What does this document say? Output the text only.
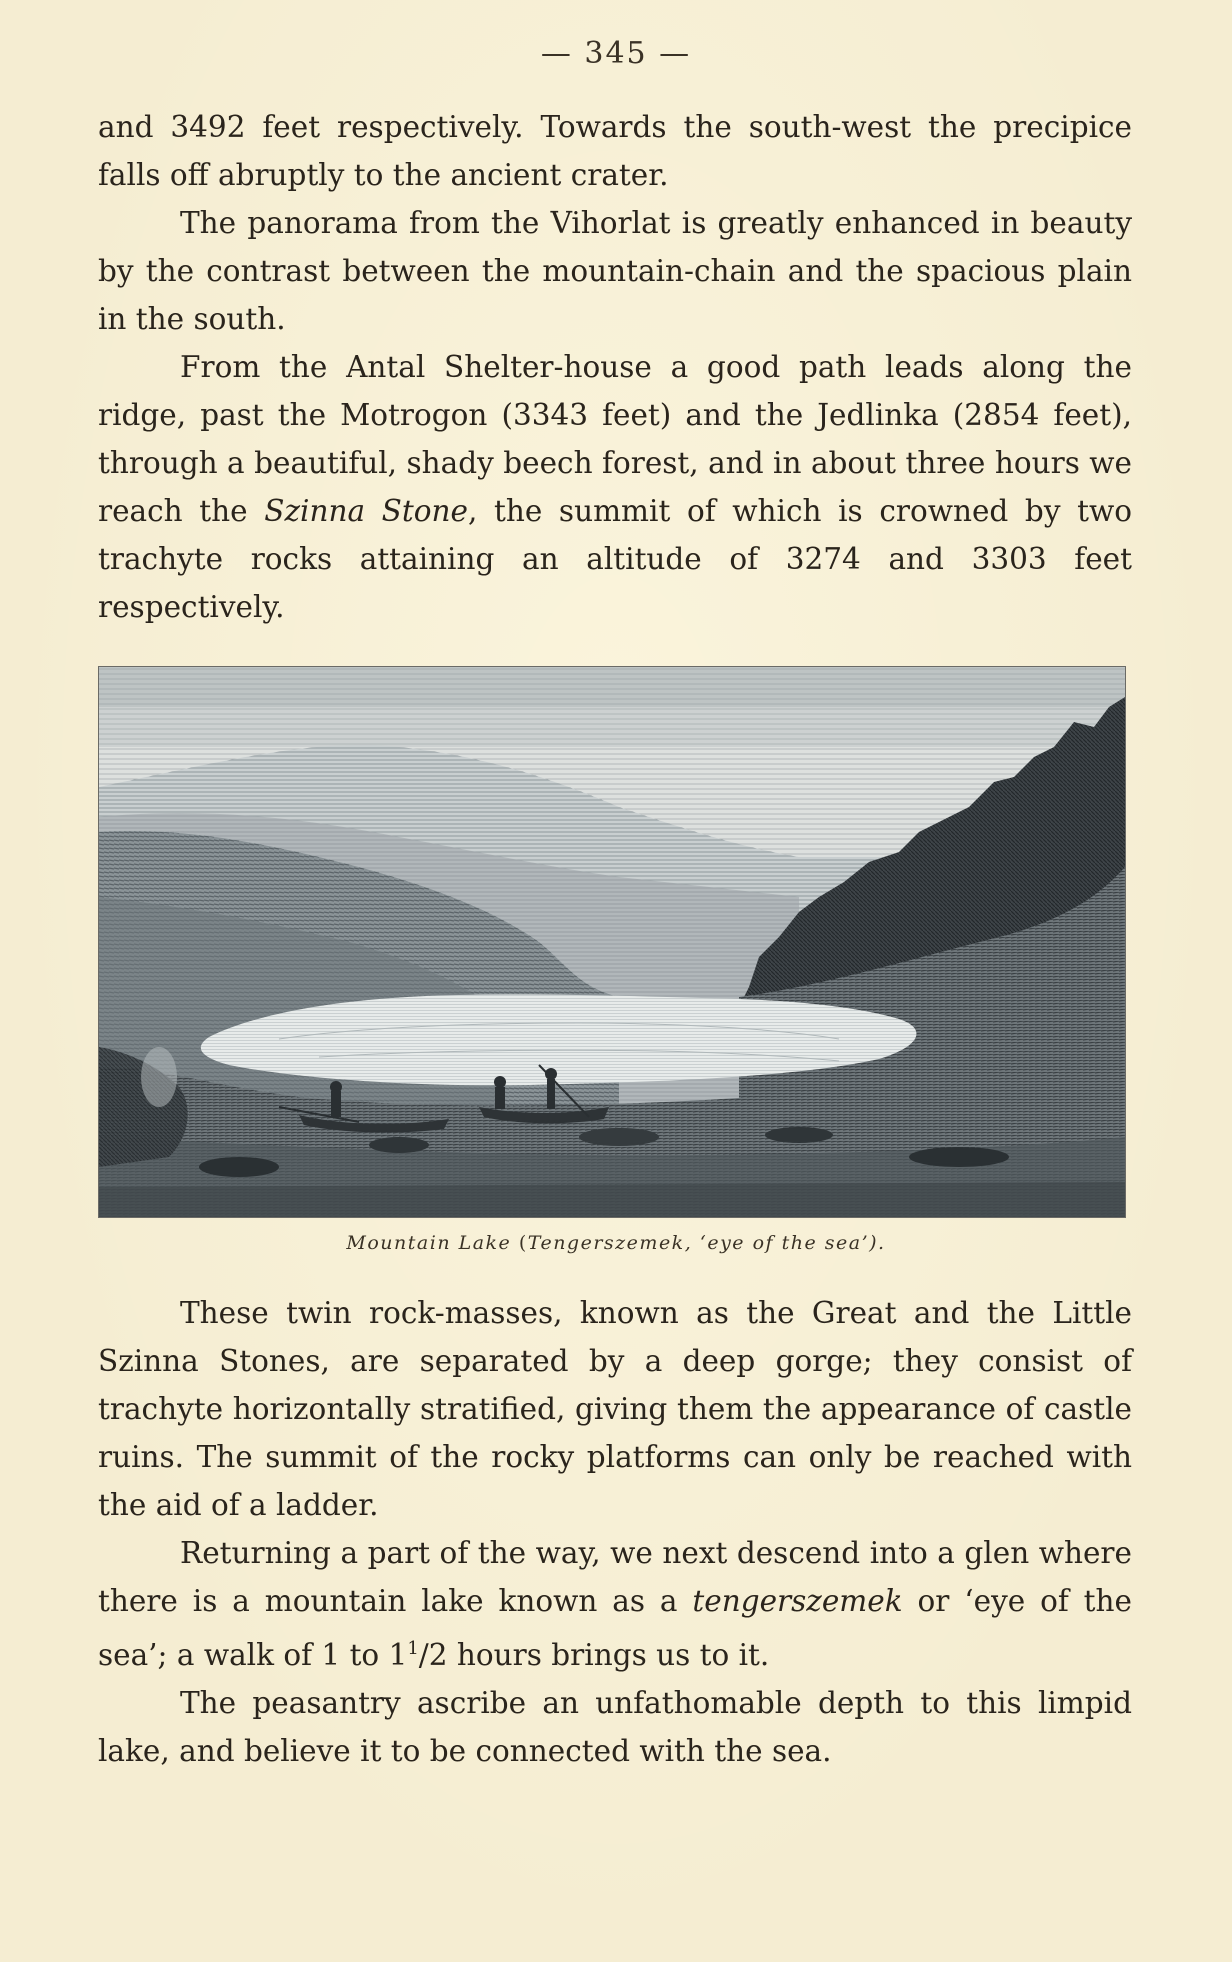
— 345 —

and 3492 feet respectively. Towards the south-west the precipice falls off abruptly to the ancient crater.

The panorama from the Vihorlat is greatly enhanced in beauty by the contrast between the mountain-chain and the spacious plain in the south.

From the Antal Shelter-house a good path leads along the ridge, past the Motrogon (3343 feet) and the Jedlinka (2854 feet), through a beautiful, shady beech forest, and in about three hours we reach the Szinna Stone, the summit of which is crowned by two trachyte rocks attaining an altitude of 3274 and 3303 feet respectively.

Mountain Lake (Tengerszemek, ‘eye of the sea’).

These twin rock-masses, known as the Great and the Little Szinna Stones, are separated by a deep gorge; they consist of trachyte horizontally stratified, giving them the appearance of castle ruins. The summit of the rocky platforms can only be reached with the aid of a ladder.

Returning a part of the way, we next descend into a glen where there is a mountain lake known as a tengerszemek or ‘eye of the sea’; a walk of 1 to $1^1/2$ hours brings us to it.

The peasantry ascribe an unfathomable depth to this limpid lake, and believe it to be connected with the sea.
